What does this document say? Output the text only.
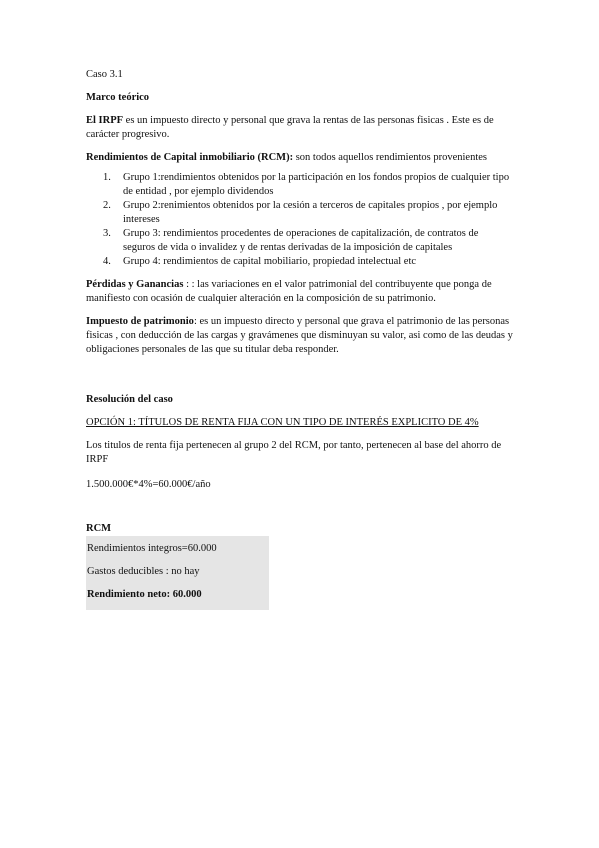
Caso 3.1

Marco teórico

El IRPF es un impuesto directo y personal que grava la rentas de las personas fisicas . Este es de carácter progresivo.

Rendimientos de Capital inmobiliario (RCM): son todos aquellos rendimientos provenientes

1. Grupo 1:rendimientos obtenidos por la participación en los fondos propios de cualquier tipo de entidad , por ejemplo dividendos
2. Grupo 2:renimientos obtenidos por la cesión a terceros de capitales propios , por ejemplo intereses
3. Grupo 3: rendimientos procedentes de operaciones de capitalización, de contratos de
seguros de vida o invalidez y de rentas derivadas de la imposición de capitales
4. Grupo 4: rendimientos de capital mobiliario, propiedad intelectual etc

Pérdidas y Ganancias : : las variaciones en el valor patrimonial del contribuyente que ponga de manifiesto con ocasión de cualquier alteración en la composición de su patrimonio.

Impuesto de patrimonio: es un impuesto directo y personal que grava el patrimonio de las personas fisicas , con deducción de las cargas y gravámenes que disminuyan su valor, asi como de las deudas y obligaciones personales de las que su titular deba responder.

Resolución del caso

OPCIÓN 1: TÍTULOS DE RENTA FIJA CON UN TIPO DE INTERÉS EXPLICITO DE 4%

Los titulos de renta fija pertenecen al grupo 2 del RCM, por tanto, pertenecen al base del ahorro de IRPF

1.500.000€*4%=60.000€/año

RCM

Rendimientos integros=60.000

Gastos deducibles : no hay

Rendimiento neto: 60.000
